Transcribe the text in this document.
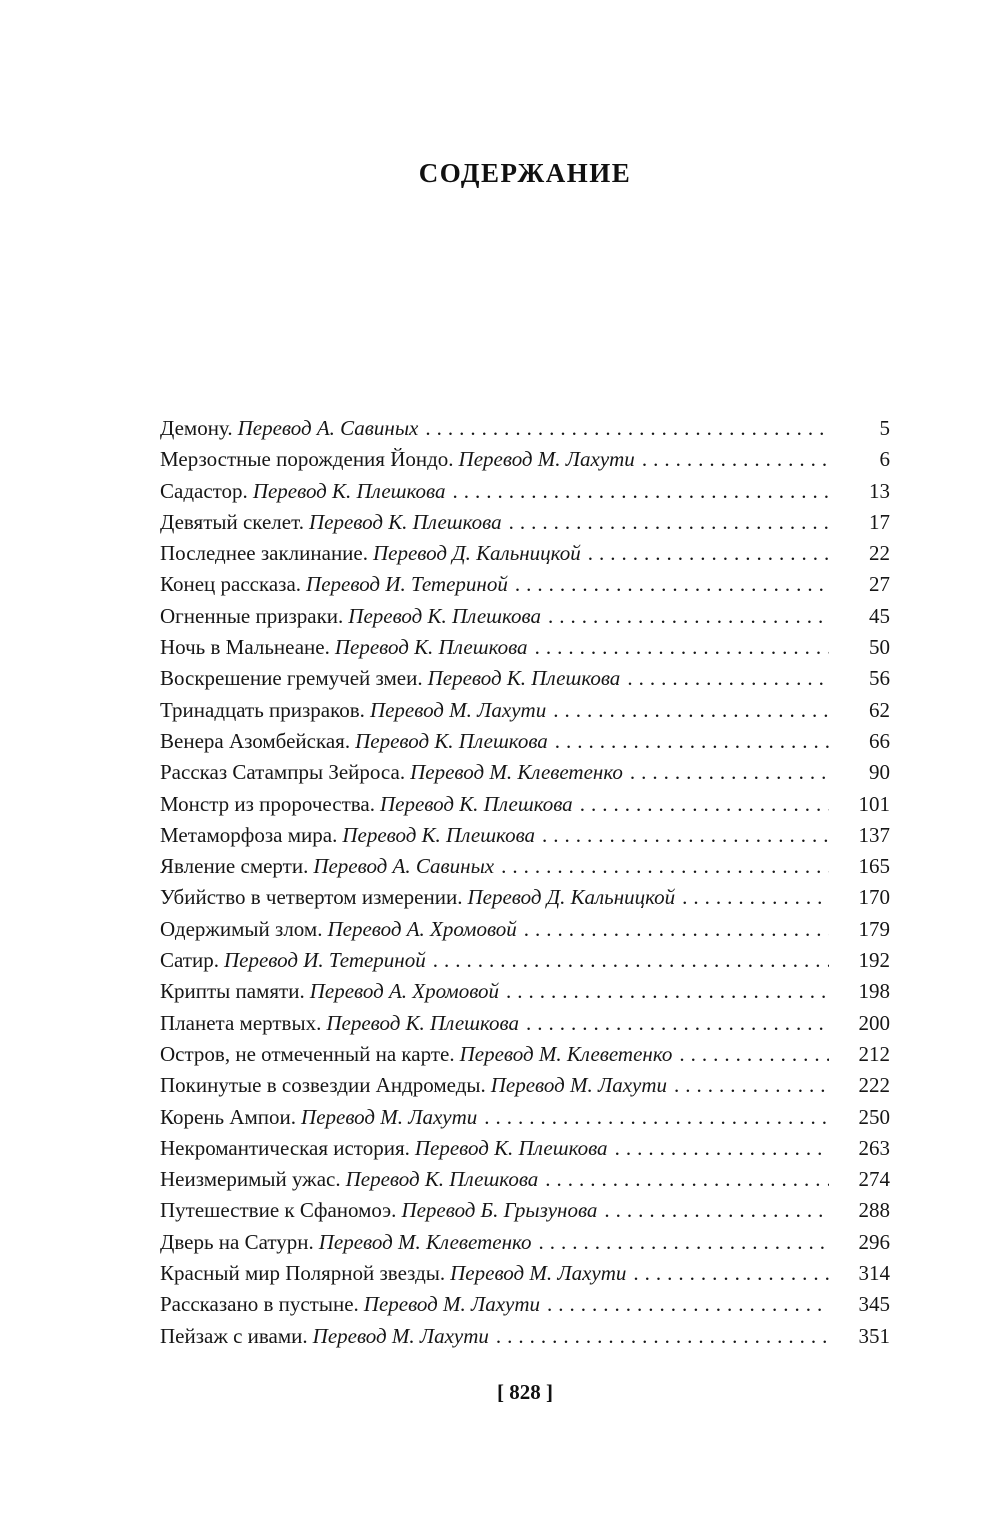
СОДЕРЖАНИЕ
Демону. Перевод А. Савиных .....	5
Мерзостные порождения Йондо. Перевод М. Лахути .....	6
Садастор. Перевод К. Плешкова .....	13
Девятый скелет. Перевод К. Плешкова .....	17
Последнее заклинание. Перевод Д. Кальницкой .....	22
Конец рассказа. Перевод И. Тетериной .....	27
Огненные призраки. Перевод К. Плешкова .....	45
Ночь в Мальнеане. Перевод К. Плешкова .....	50
Воскрешение гремучей змеи. Перевод К. Плешкова .....	56
Тринадцать призраков. Перевод М. Лахути .....	62
Венера Азомбейская. Перевод К. Плешкова .....	66
Рассказ Сатампры Зейроса. Перевод М. Клеветенко .....	90
Монстр из пророчества. Перевод К. Плешкова .....	101
Метаморфоза мира. Перевод К. Плешкова .....	137
Явление смерти. Перевод А. Савиных .....	165
Убийство в четвертом измерении. Перевод Д. Кальницкой .....	170
Одержимый злом. Перевод А. Хромовой .....	179
Сатир. Перевод И. Тетериной .....	192
Крипты памяти. Перевод А. Хромовой .....	198
Планета мертвых. Перевод К. Плешкова .....	200
Остров, не отмеченный на карте. Перевод М. Клеветенко .....	212
Покинутые в созвездии Андромеды. Перевод М. Лахути .....	222
Корень Ампои. Перевод М. Лахути .....	250
Некромантическая история. Перевод К. Плешкова .....	263
Неизмеримый ужас. Перевод К. Плешкова .....	274
Путешествие к Сфаномоэ. Перевод Б. Грызунова .....	288
Дверь на Сатурн. Перевод М. Клеветенко .....	296
Красный мир Полярной звезды. Перевод М. Лахути .....	314
Рассказано в пустыне. Перевод М. Лахути .....	345
Пейзаж с ивами. Перевод М. Лахути .....	351
[ 828 ]
